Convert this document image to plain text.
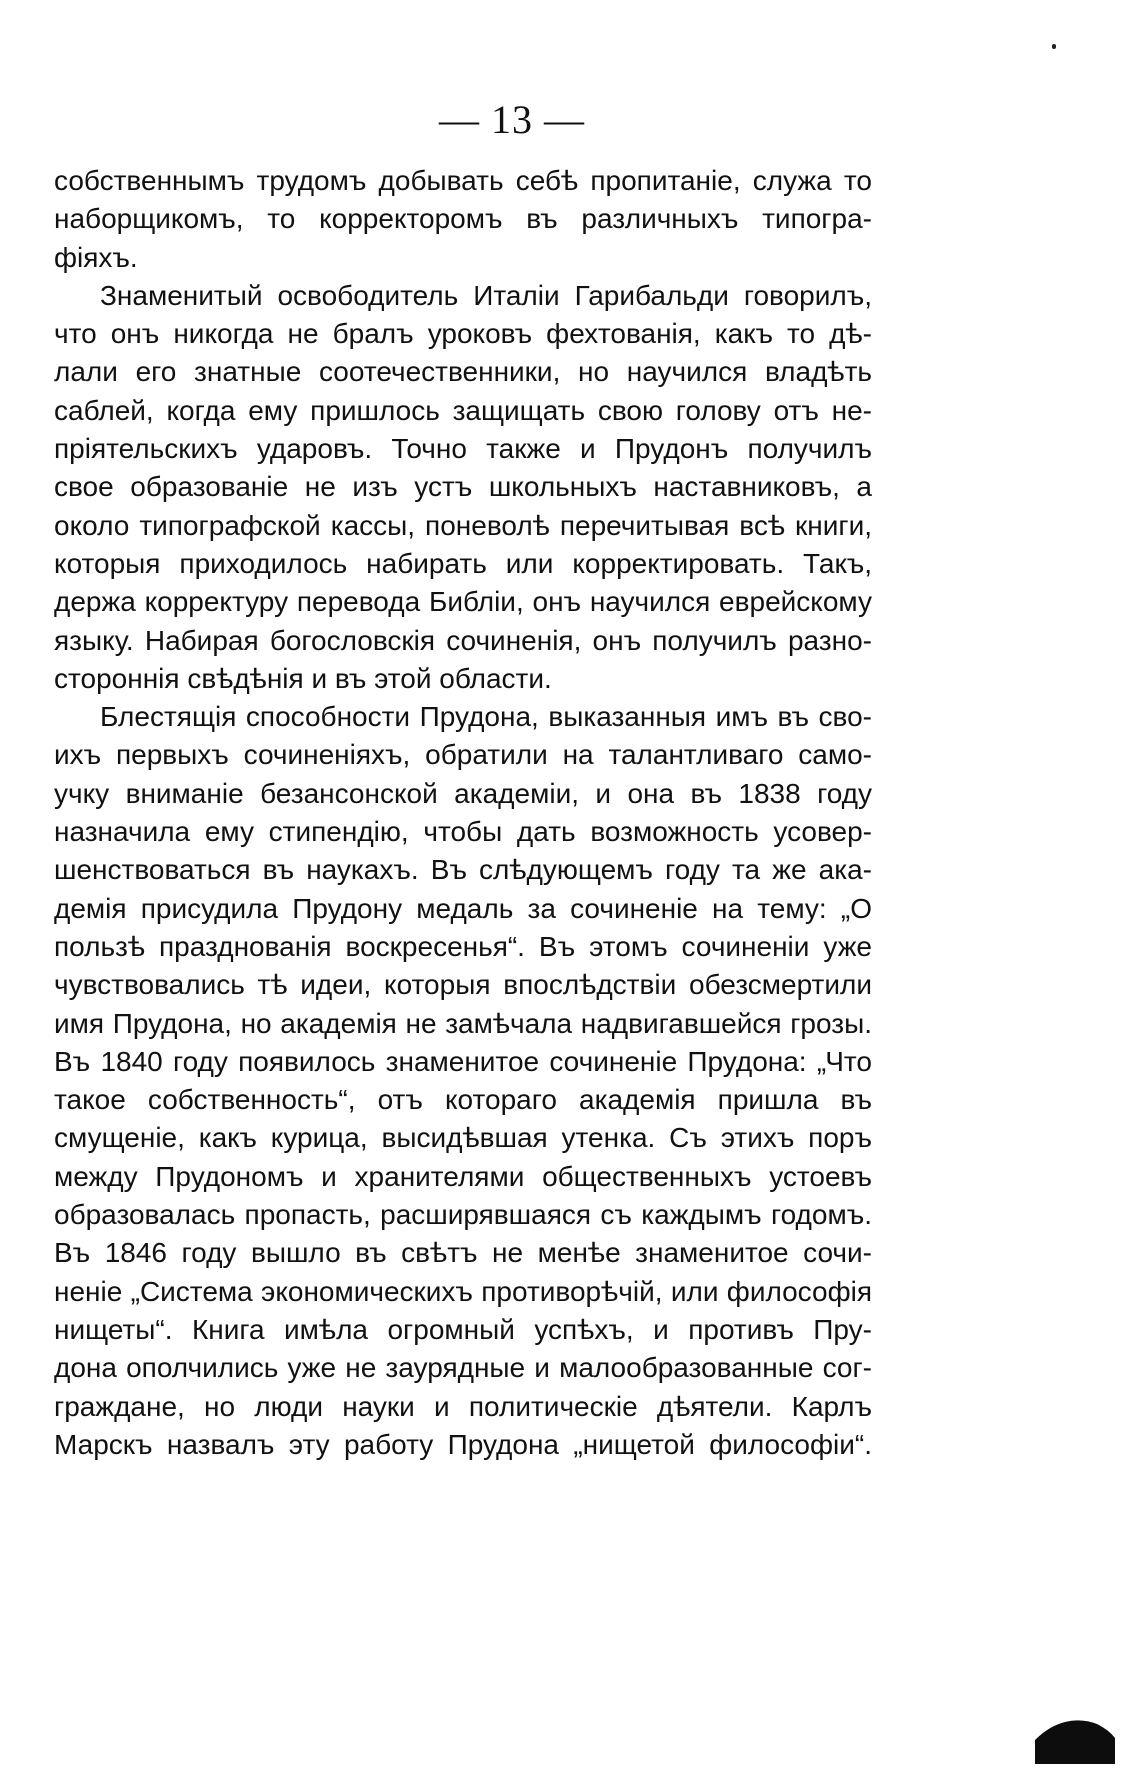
— 13 —
собственнымъ трудомъ добывать себѣ пропитаніе, служа то
наборщикомъ, то корректоромъ въ различныхъ типогра-
фіяхъ.
Знаменитый освободитель Италіи Гарибальди говорилъ,
что онъ никогда не бралъ уроковъ фехтованія, какъ то дѣ-
лали его знатные соотечественники, но научился владѣть
саблей, когда ему пришлось защищать свою голову отъ не-
пріятельскихъ ударовъ. Точно также и Прудонъ получилъ
свое образованіе не изъ устъ школьныхъ наставниковъ, а
около типографской кассы, поневолѣ перечитывая всѣ книги,
которыя приходилось набирать или корректировать. Такъ,
держа корректуру перевода Библіи, онъ научился еврейскому
языку. Набирая богословскія сочиненія, онъ получилъ разно-
стороннія свѣдѣнія и въ этой области.
Блестящія способности Прудона, выказанныя имъ въ сво-
ихъ первыхъ сочиненіяхъ, обратили на талантливаго само-
учку вниманіе безансонской академіи, и она въ 1838 году
назначила ему стипендію, чтобы дать возможность усовер-
шенствоваться въ наукахъ. Въ слѣдующемъ году та же ака-
демія присудила Прудону медаль за сочиненіе на тему: „О
пользѣ празднованія воскресенья“. Въ этомъ сочиненіи уже
чувствовались тѣ идеи, которыя впослѣдствіи обезсмертили
имя Прудона, но академія не замѣчала надвигавшейся грозы.
Въ 1840 году появилось знаменитое сочиненіе Прудона: „Что
такое собственность“, отъ котораго академія пришла въ
смущеніе, какъ курица, высидѣвшая утенка. Съ этихъ поръ
между Прудономъ и хранителями общественныхъ устоевъ
образовалась пропасть, расширявшаяся съ каждымъ годомъ.
Въ 1846 году вышло въ свѣтъ не менѣе знаменитое сочи-
неніе „Система экономическихъ противорѣчій, или философія
нищеты“. Книга имѣла огромный успѣхъ, и противъ Пру-
дона ополчились уже не заурядные и малообразованные сог-
граждане, но люди науки и политическіе дѣятели. Карлъ
Марскъ назвалъ эту работу Прудона „нищетой философіи“.
